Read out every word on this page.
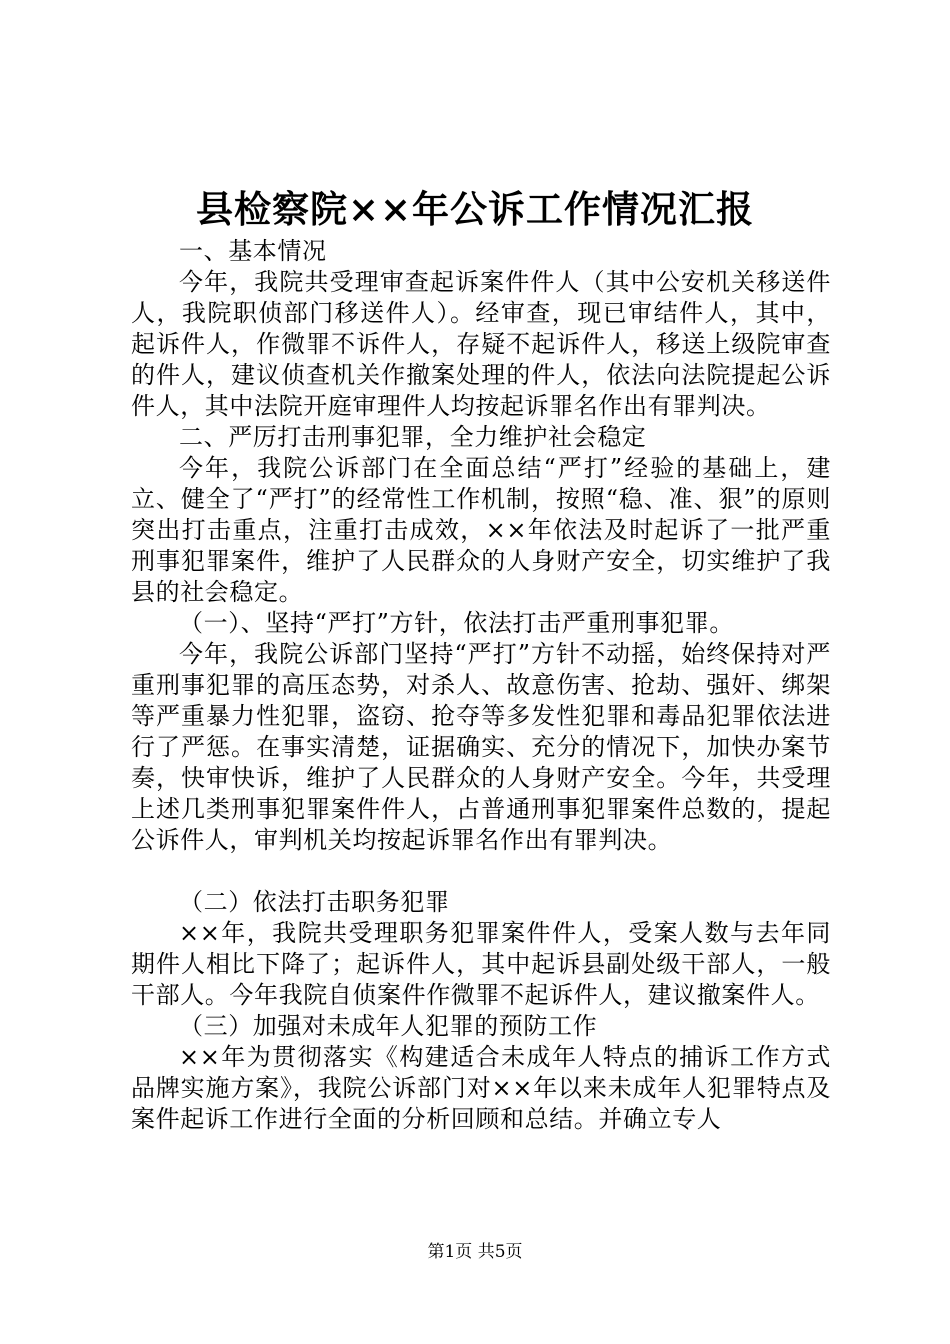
县检察院××年公诉工作情况汇报

一、基本情况

今年，我院共受理审查起诉案件件人（其中公安机关移送件人，我院职侦部门移送件人）。经审查，现已审结件人，其中，起诉件人，作微罪不诉件人，存疑不起诉件人，移送上级院审查的件人，建议侦查机关作撤案处理的件人，依法向法院提起公诉件人，其中法院开庭审理件人均按起诉罪名作出有罪判决。

二、严厉打击刑事犯罪，全力维护社会稳定

今年，我院公诉部门在全面总结“严打”经验的基础上，建立、健全了“严打”的经常性工作机制，按照“稳、准、狠”的原则突出打击重点，注重打击成效，××年依法及时起诉了一批严重刑事犯罪案件，维护了人民群众的人身财产安全，切实维护了我县的社会稳定。

（一）、坚持“严打”方针，依法打击严重刑事犯罪。

今年，我院公诉部门坚持“严打”方针不动摇，始终保持对严重刑事犯罪的高压态势，对杀人、故意伤害、抢劫、强奸、绑架等严重暴力性犯罪，盗窃、抢夺等多发性犯罪和毒品犯罪依法进行了严惩。在事实清楚，证据确实、充分的情况下，加快办案节奏，快审快诉，维护了人民群众的人身财产安全。今年，共受理上述几类刑事犯罪案件件人，占普通刑事犯罪案件总数的，提起公诉件人，审判机关均按起诉罪名作出有罪判决。

（二）依法打击职务犯罪

××年，我院共受理职务犯罪案件件人，受案人数与去年同期件人相比下降了；起诉件人，其中起诉县副处级干部人，一般干部人。今年我院自侦案件作微罪不起诉件人，建议撤案件人。

（三）加强对未成年人犯罪的预防工作

××年为贯彻落实《构建适合未成年人特点的捕诉工作方式品牌实施方案》，我院公诉部门对××年以来未成年人犯罪特点及案件起诉工作进行全面的分析回顾和总结。并确立专人

第1页 共5页
